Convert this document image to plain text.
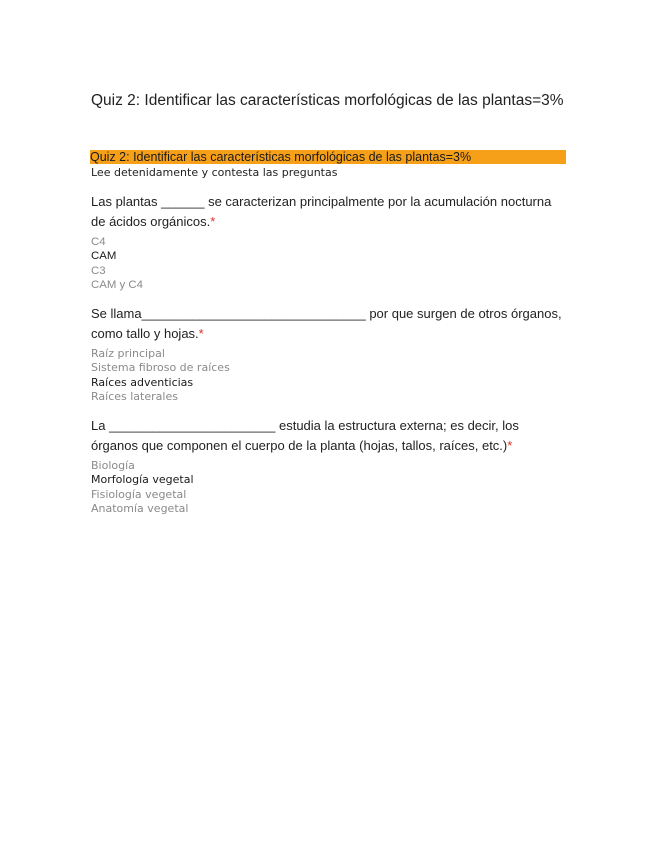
Quiz 2: Identificar las características morfológicas de las plantas=3%
Quiz 2: Identificar las características morfológicas de las plantas=3%
Lee detenidamente y contesta las preguntas
Las plantas ______ se caracterizan principalmente por la acumulación nocturna de ácidos orgánicos.*
C4
CAM
C3
CAM y C4
Se llama_______________________________ por que surgen de otros órganos, como tallo y hojas.*
Raíz principal
Sistema fibroso de raíces
Raíces adventicias
Raíces laterales
La _______________________ estudia la estructura externa; es decir, los órganos que componen el cuerpo de la planta (hojas, tallos, raíces, etc.)*
Biología
Morfología vegetal
Fisiología vegetal
Anatomía vegetal
